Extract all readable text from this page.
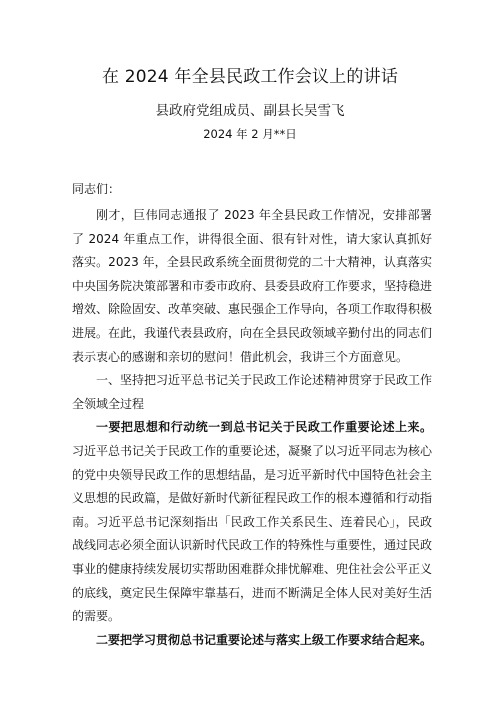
在 2024 年全县民政工作会议上的讲话
县政府党组成员、副县长吴雪飞
2024 年 2 月**日
同志们：

刚才，巨伟同志通报了 2023 年全县民政工作情况，安排部署了 2024 年重点工作，讲得很全面、很有针对性，请大家认真抓好落实。2023 年，全县民政系统全面贯彻党的二十大精神，认真落实中央国务院决策部署和市委市政府、县委县政府工作要求，坚持稳进增效、除险固安、改革突破、惠民强企工作导向，各项工作取得积极进展。在此，我谨代表县政府，向在全县民政领域辛勤付出的同志们表示衷心的感谢和亲切的慰问！借此机会，我讲三个方面意见。

一、坚持把习近平总书记关于民政工作论述精神贯穿于民政工作全领域全过程

一要把思想和行动统一到总书记关于民政工作重要论述上来。习近平总书记关于民政工作的重要论述，凝聚了以习近平同志为核心的党中央领导民政工作的思想结晶，是习近平新时代中国特色社会主义思想的民政篇，是做好新时代新征程民政工作的根本遵循和行动指南。习近平总书记深刻指出「民政工作关系民生、连着民心」，民政战线同志必须全面认识新时代民政工作的特殊性与重要性，通过民政事业的健康持续发展切实帮助困难群众排忧解难、兜住社会公平正义的底线，奠定民生保障牢靠基石，进而不断满足全体人民对美好生活的需要。

二要把学习贯彻总书记重要论述与落实上级工作要求结合起来。
